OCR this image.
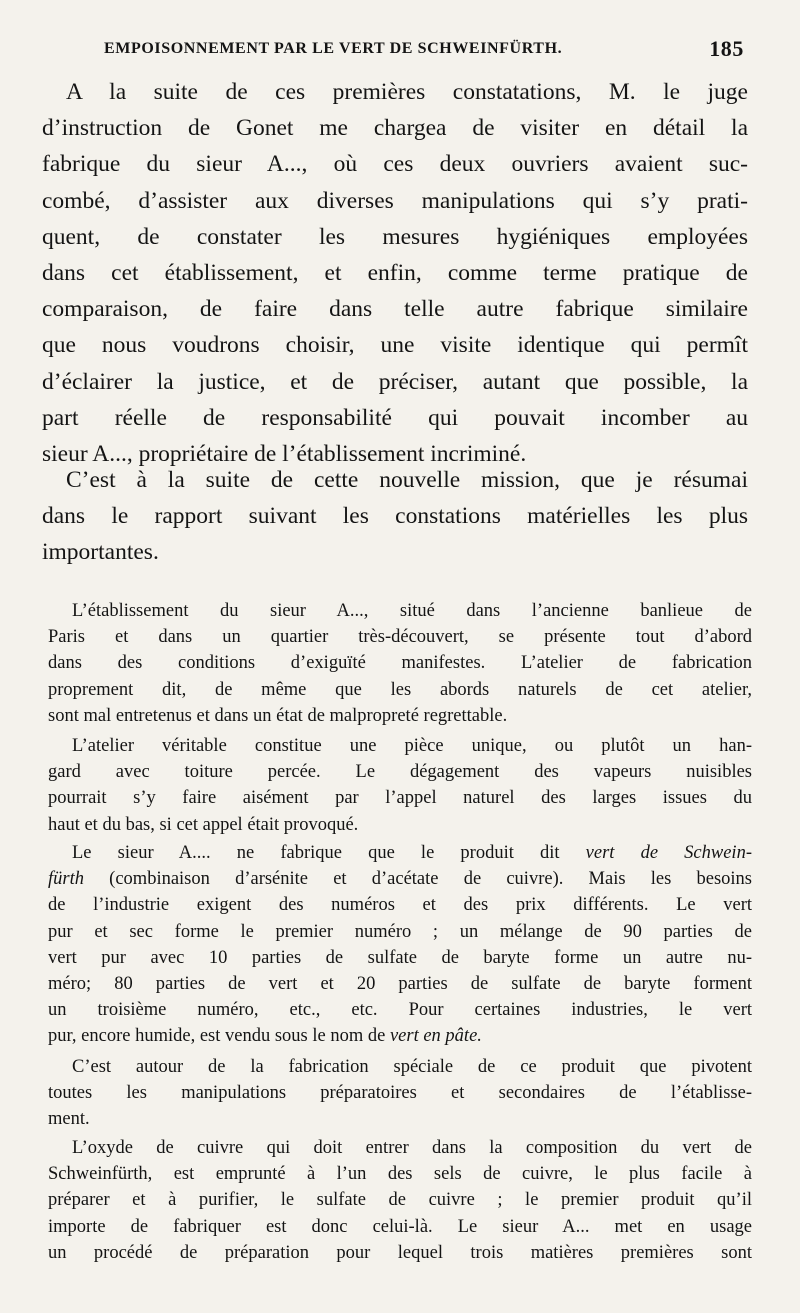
EMPOISONNEMENT PAR LE VERT DE SCHWEINFÜRTH.	185
A la suite de ces premières constatations, M. le juge
d’instruction de Gonet me chargea de visiter en détail la
fabrique du sieur A..., où ces deux ouvriers avaient suc-
combé, d’assister aux diverses manipulations qui s’y prati-
quent, de constater les mesures hygiéniques employées
dans cet établissement, et enfin, comme terme pratique de
comparaison, de faire dans telle autre fabrique similaire
que nous voudrons choisir, une visite identique qui permît
d’éclairer la justice, et de préciser, autant que possible, la
part réelle de responsabilité qui pouvait incomber au
sieur A..., propriétaire de l’établissement incriminé.
C’est à la suite de cette nouvelle mission, que je résumai
dans le rapport suivant les constations matérielles les plus
importantes.
L’établissement du sieur A..., situé dans l’ancienne banlieue de
Paris et dans un quartier très-découvert, se présente tout d’abord
dans des conditions d’exiguïté manifestes. L’atelier de fabrication
proprement dit, de même que les abords naturels de cet atelier,
sont mal entretenus et dans un état de malpropreté regrettable.
L’atelier véritable constitue une pièce unique, ou plutôt un han-
gard avec toiture percée. Le dégagement des vapeurs nuisibles
pourrait s’y faire aisément par l’appel naturel des larges issues du
haut et du bas, si cet appel était provoqué.
Le sieur A.... ne fabrique que le produit dit vert de Schwein-
fürth (combinaison d’arsénite et d’acétate de cuivre). Mais les besoins
de l’industrie exigent des numéros et des prix différents. Le vert
pur et sec forme le premier numéro ; un mélange de 90 parties de
vert pur avec 10 parties de sulfate de baryte forme un autre nu-
méro; 80 parties de vert et 20 parties de sulfate de baryte forment
un troisième numéro, etc., etc. Pour certaines industries, le vert
pur, encore humide, est vendu sous le nom de vert en pâte.
C’est autour de la fabrication spéciale de ce produit que pivotent
toutes les manipulations préparatoires et secondaires de l’établisse-
ment.
L’oxyde de cuivre qui doit entrer dans la composition du vert de
Schweinfürth, est emprunté à l’un des sels de cuivre, le plus facile à
préparer et à purifier, le sulfate de cuivre ; le premier produit qu’il
importe de fabriquer est donc celui-là. Le sieur A... met en usage
un procédé de préparation pour lequel trois matières premières sont
